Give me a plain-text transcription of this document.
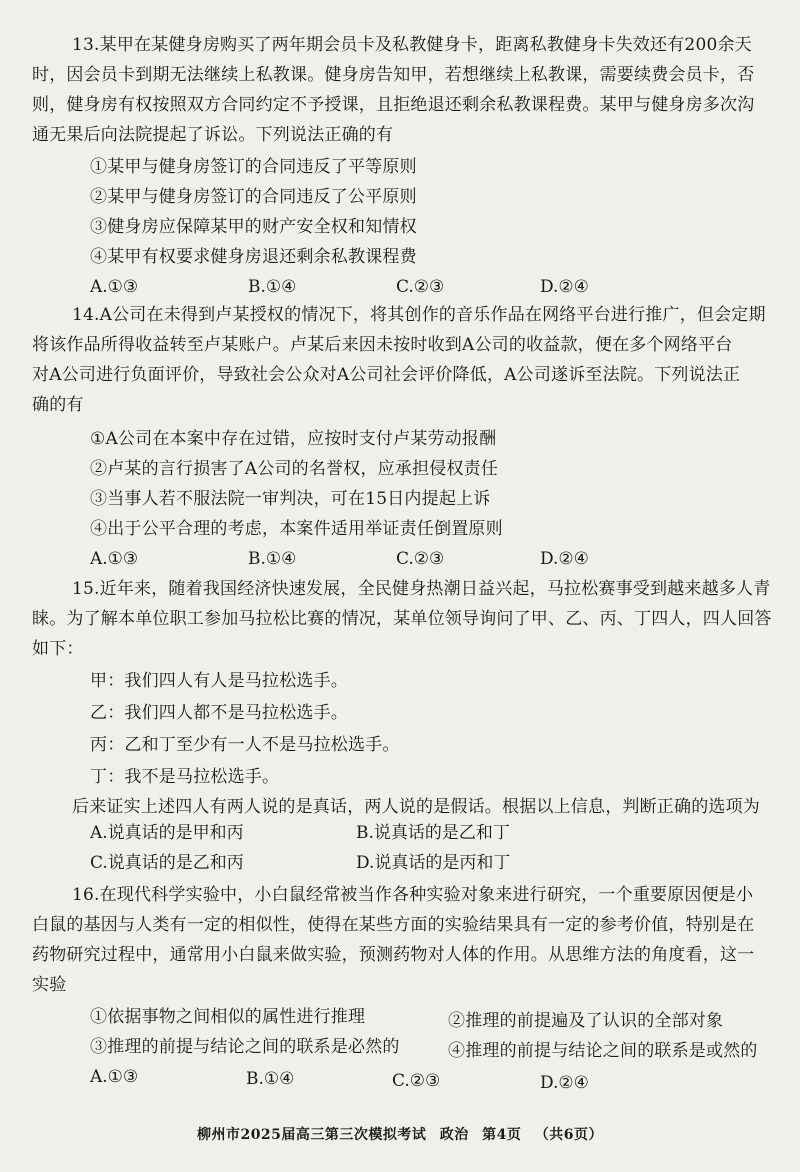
13.某甲在某健身房购买了两年期会员卡及私教健身卡，距离私教健身卡失效还有200余天
时，因会员卡到期无法继续上私教课。健身房告知甲，若想继续上私教课，需要续费会员卡，否
则，健身房有权按照双方合同约定不予授课，且拒绝退还剩余私教课程费。某甲与健身房多次沟
通无果后向法院提起了诉讼。下列说法正确的有
①某甲与健身房签订的合同违反了平等原则
②某甲与健身房签订的合同违反了公平原则
③健身房应保障某甲的财产安全权和知情权
④某甲有权要求健身房退还剩余私教课程费
A.①③	B.①④	C.②③	D.②④
14.A公司在未得到卢某授权的情况下，将其创作的音乐作品在网络平台进行推广，但会定期
将该作品所得收益转至卢某账户。卢某后来因未按时收到A公司的收益款，便在多个网络平台
对A公司进行负面评价，导致社会公众对A公司社会评价降低，A公司遂诉至法院。下列说法正
确的有
①A公司在本案中存在过错，应按时支付卢某劳动报酬
②卢某的言行损害了A公司的名誉权，应承担侵权责任
③当事人若不服法院一审判决，可在15日内提起上诉
④出于公平合理的考虑，本案件适用举证责任倒置原则
A.①③	B.①④	C.②③	D.②④
15.近年来，随着我国经济快速发展，全民健身热潮日益兴起，马拉松赛事受到越来越多人青
睐。为了解本单位职工参加马拉松比赛的情况，某单位领导询问了甲、乙、丙、丁四人，四人回答
如下：
甲：我们四人有人是马拉松选手。
乙：我们四人都不是马拉松选手。
丙：乙和丁至少有一人不是马拉松选手。
丁：我不是马拉松选手。
后来证实上述四人有两人说的是真话，两人说的是假话。根据以上信息，判断正确的选项为
A.说真话的是甲和丙	B.说真话的是乙和丁
C.说真话的是乙和丙	D.说真话的是丙和丁
16.在现代科学实验中，小白鼠经常被当作各种实验对象来进行研究，一个重要原因便是小
白鼠的基因与人类有一定的相似性，使得在某些方面的实验结果具有一定的参考价值，特别是在
药物研究过程中，通常用小白鼠来做实验，预测药物对人体的作用。从思维方法的角度看，这一
实验
①依据事物之间相似的属性进行推理	②推理的前提遍及了认识的全部对象
③推理的前提与结论之间的联系是必然的	④推理的前提与结论之间的联系是或然的
A.①③	B.①④	C.②③	D.②④
柳州市2025届高三第三次模拟考试 政治 第4页 （共6页）
